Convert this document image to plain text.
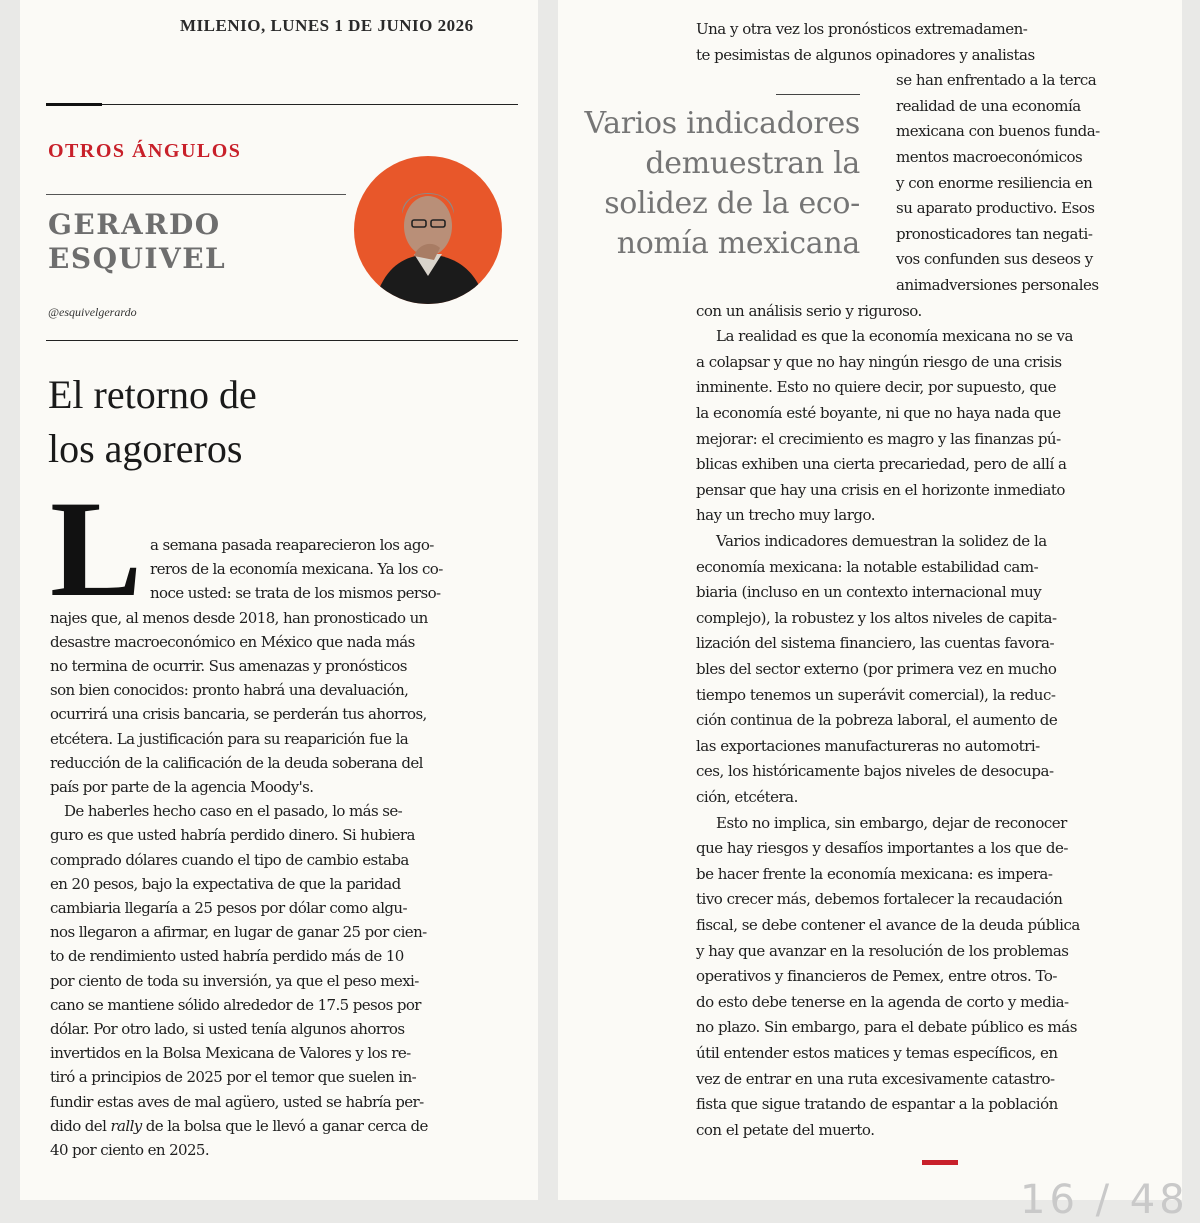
MILENIO, LUNES 1 DE JUNIO 2026
OTROS ÁNGULOS
GERARDO
ESQUIVEL
@esquivelgerardo
El retorno de
los agoreros
L a semana pasada reaparecieron los ago-
reros de la economía mexicana. Ya los co-
noce usted: se trata de los mismos perso-
najes que, al menos desde 2018, han pronosticado un
desastre macroeconómico en México que nada más
no termina de ocurrir. Sus amenazas y pronósticos
son bien conocidos: pronto habrá una devaluación,
ocurrirá una crisis bancaria, se perderán tus ahorros,
etcétera. La justificación para su reaparición fue la
reducción de la calificación de la deuda soberana del
país por parte de la agencia Moody's.
De haberles hecho caso en el pasado, lo más se-
guro es que usted habría perdido dinero. Si hubiera
comprado dólares cuando el tipo de cambio estaba
en 20 pesos, bajo la expectativa de que la paridad
cambiaria llegaría a 25 pesos por dólar como algu-
nos llegaron a afirmar, en lugar de ganar 25 por cien-
to de rendimiento usted habría perdido más de 10
por ciento de toda su inversión, ya que el peso mexi-
cano se mantiene sólido alrededor de 17.5 pesos por
dólar. Por otro lado, si usted tenía algunos ahorros
invertidos en la Bolsa Mexicana de Valores y los re-
tiró a principios de 2025 por el temor que suelen in-
fundir estas aves de mal agüero, usted se habría per-
dido del rally de la bolsa que le llevó a ganar cerca de
40 por ciento en 2025.
Varios indicadores
demuestran la
solidez de la eco-
nomía mexicana
Una y otra vez los pronósticos extremadamen-
te pesimistas de algunos opinadores y analistas
se han enfrentado a la terca
realidad de una economía
mexicana con buenos funda-
mentos macroeconómicos
y con enorme resiliencia en
su aparato productivo. Esos
pronosticadores tan negati-
vos confunden sus deseos y
animadversiones personales
con un análisis serio y riguroso.
La realidad es que la economía mexicana no se va
a colapsar y que no hay ningún riesgo de una crisis
inminente. Esto no quiere decir, por supuesto, que
la economía esté boyante, ni que no haya nada que
mejorar: el crecimiento es magro y las finanzas pú-
blicas exhiben una cierta precariedad, pero de allí a
pensar que hay una crisis en el horizonte inmediato
hay un trecho muy largo.
Varios indicadores demuestran la solidez de la
economía mexicana: la notable estabilidad cam-
biaria (incluso en un contexto internacional muy
complejo), la robustez y los altos niveles de capita-
lización del sistema financiero, las cuentas favora-
bles del sector externo (por primera vez en mucho
tiempo tenemos un superávit comercial), la reduc-
ción continua de la pobreza laboral, el aumento de
las exportaciones manufactureras no automotri-
ces, los históricamente bajos niveles de desocupa-
ción, etcétera.
Esto no implica, sin embargo, dejar de reconocer
que hay riesgos y desafíos importantes a los que de-
be hacer frente la economía mexicana: es impera-
tivo crecer más, debemos fortalecer la recaudación
fiscal, se debe contener el avance de la deuda pública
y hay que avanzar en la resolución de los problemas
operativos y financieros de Pemex, entre otros. To-
do esto debe tenerse en la agenda de corto y media-
no plazo. Sin embargo, para el debate público es más
útil entender estos matices y temas específicos, en
vez de entrar en una ruta excesivamente catastro-
fista que sigue tratando de espantar a la población
con el petate del muerto.
16 / 48
